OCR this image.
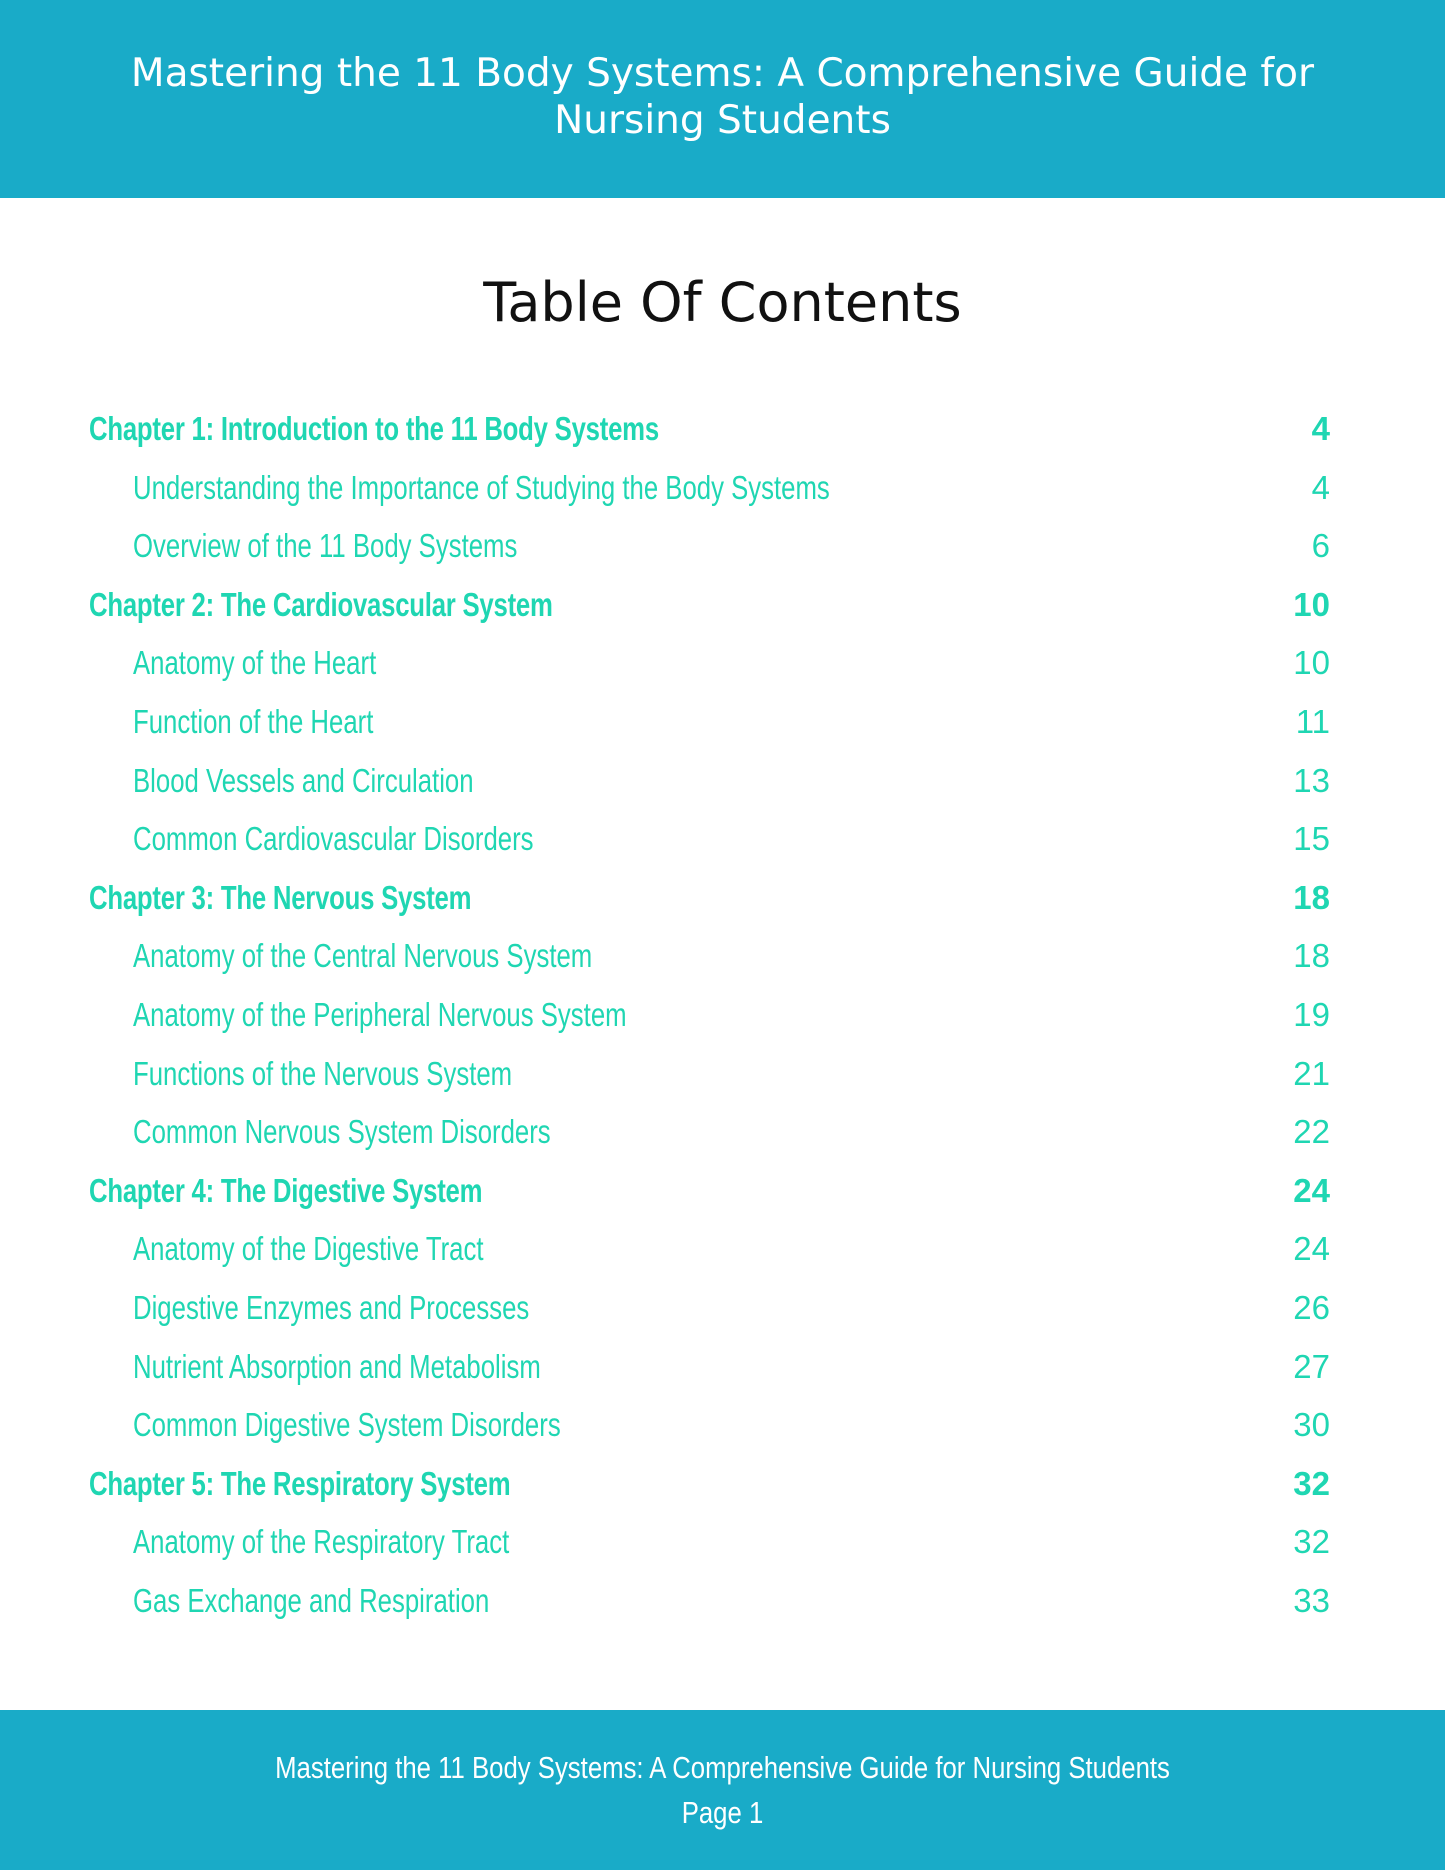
Mastering the 11 Body Systems: A Comprehensive Guide for Nursing Students
Table Of Contents
Chapter 1: Introduction to the 11 Body Systems	4
Understanding the Importance of Studying the Body Systems	4
Overview of the 11 Body Systems	6
Chapter 2: The Cardiovascular System	10
Anatomy of the Heart	10
Function of the Heart	11
Blood Vessels and Circulation	13
Common Cardiovascular Disorders	15
Chapter 3: The Nervous System	18
Anatomy of the Central Nervous System	18
Anatomy of the Peripheral Nervous System	19
Functions of the Nervous System	21
Common Nervous System Disorders	22
Chapter 4: The Digestive System	24
Anatomy of the Digestive Tract	24
Digestive Enzymes and Processes	26
Nutrient Absorption and Metabolism	27
Common Digestive System Disorders	30
Chapter 5: The Respiratory System	32
Anatomy of the Respiratory Tract	32
Gas Exchange and Respiration	33
Mastering the 11 Body Systems: A Comprehensive Guide for Nursing Students
Page 1
